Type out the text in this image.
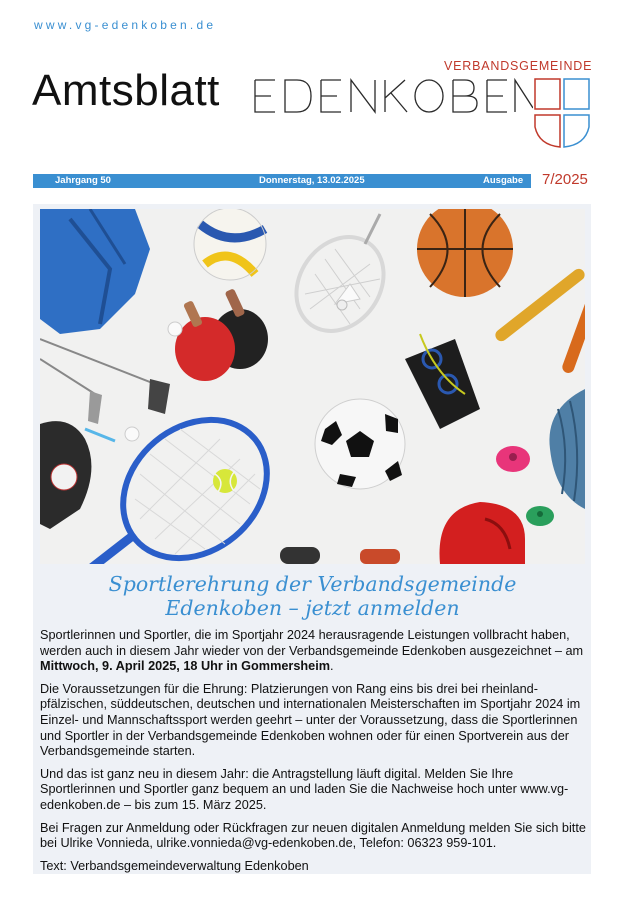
www.vg-edenkoben.de
Amtsblatt	VERBANDSGEMEINDE
Jahrgang 50	Donnerstag, 13.02.2025	Ausgabe 7/2025
Sportlerehrung der Verbandsgemeinde
Edenkoben – jetzt anmelden

Sportlerinnen und Sportler, die im Sportjahr 2024 herausragende Leistungen vollbracht haben, werden auch in diesem Jahr wieder von der Verbandsgemeinde Edenkoben ausgezeichnet – am Mittwoch, 9. April 2025, 18 Uhr in Gommersheim.

Die Voraussetzungen für die Ehrung: Platzierungen von Rang eins bis drei bei rheinland-pfälzischen, süddeutschen, deutschen und internationalen Meisterschaften im Sportjahr 2024 im Einzel- und Mannschaftssport werden geehrt – unter der Voraussetzung, dass die Sportlerinnen und Sportler in der Verbandsgemeinde Edenkoben wohnen oder für einen Sportverein aus der Verbandsgemeinde starten.

Und das ist ganz neu in diesem Jahr: die Antragstellung läuft digital. Melden Sie Ihre Sportlerinnen und Sportler ganz bequem an und laden Sie die Nachweise hoch unter www.vg-edenkoben.de – bis zum 15. März 2025.

Bei Fragen zur Anmeldung oder Rückfragen zur neuen digitalen Anmeldung melden Sie sich bitte bei Ulrike Vonnieda, ulrike.vonnieda@vg-edenkoben.de, Telefon: 06323 959-101.

Text: Verbandsgemeindeverwaltung Edenkoben
